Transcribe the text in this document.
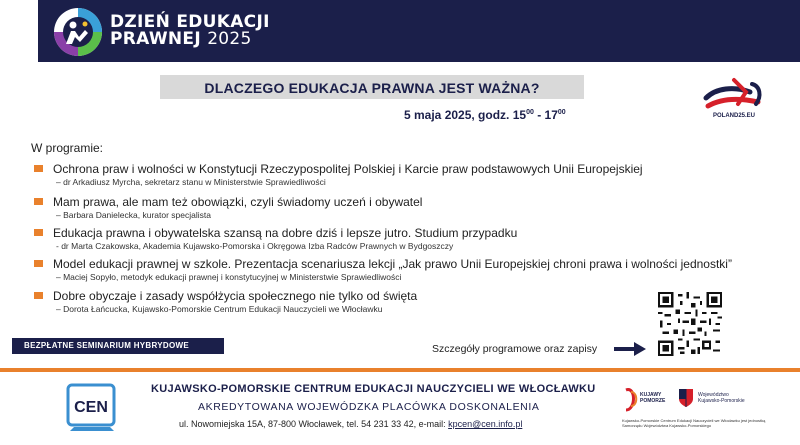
DZIEŃ EDUKACJI
PRAWNEJ 2025
DLACZEGO EDUKACJA PRAWNA JEST WAŻNA?
5 maja 2025, godz. $15^{00} - 17^{00}$	POLAND25.EU
W programie:
Ochrona praw i wolności w Konstytucji Rzeczypospolitej Polskiej i Karcie praw podstawowych Unii Europejskiej
– dr Arkadiusz Myrcha, sekretarz stanu w Ministerstwie Sprawiedliwości
Mam prawa, ale mam też obowiązki, czyli świadomy uczeń i obywatel
– Barbara Danielecka, kurator specjalista
Edukacja prawna i obywatelska szansą na dobre dziś i lepsze jutro. Studium przypadku
- dr Marta Czakowska, Akademia Kujawsko-Pomorska i Okręgowa Izba Radców Prawnych w Bydgoszczy
Model edukacji prawnej w szkole. Prezentacja scenariusza lekcji „Jak prawo Unii Europejskiej chroni prawa i wolności jednostki”
– Maciej Sopyło, metodyk edukacji prawnej i konstytucyjnej w Ministerstwie Sprawiedliwości
Dobre obyczaje i zasady współżycia społecznego nie tylko od święta
– Dorota Łańcucka, Kujawsko-Pomorskie Centrum Edukacji Nauczycieli we Włocławku
BEZPŁATNE SEMINARIUM HYBRYDOWE	Szczegóły programowe oraz zapisy
CEN
KUJAWSKO-POMORSKIE CENTRUM EDUKACJI NAUCZYCIELI WE WŁOCŁAWKU
AKREDYTOWANA WOJEWÓDZKA PLACÓWKA DOSKONALENIA
ul. Nowomiejska 15A, 87-800 Włocławek, tel. 54 231 33 42, e-mail: kpcen@cen.info.pl
KUJAWY
POMORZE
Województwo
Kujawsko-Pomorskie
Kujawsko-Pomorskie Centrum Edukacji Nauczycieli we Włocławku jest jednostką Samorządu Województwa Kujawsko-Pomorskiego
